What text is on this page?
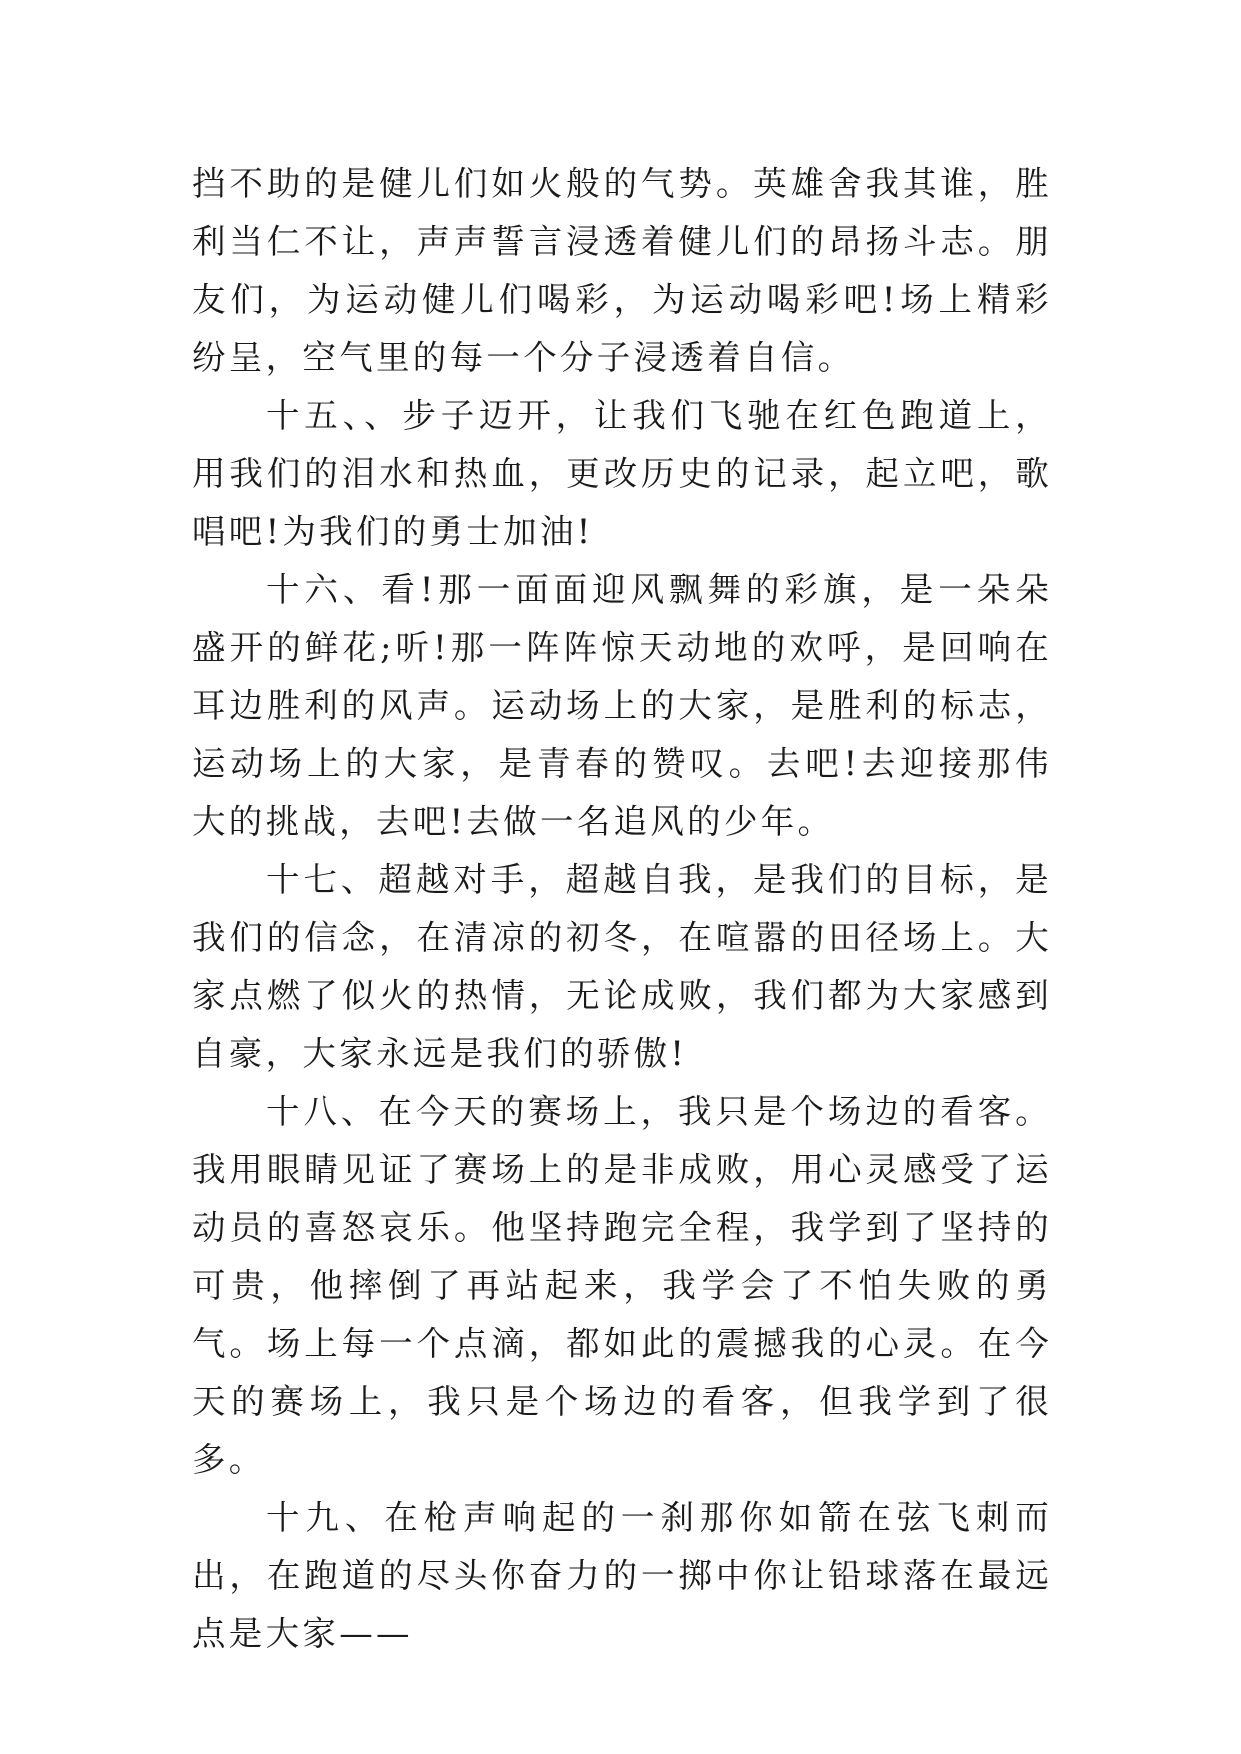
挡不助的是健儿们如火般的气势。英雄舍我其谁，胜利当仁不让，声声誓言浸透着健儿们的昂扬斗志。朋友们，为运动健儿们喝彩，为运动喝彩吧!场上精彩纷呈，空气里的每一个分子浸透着自信。

十五、、步子迈开，让我们飞驰在红色跑道上，用我们的泪水和热血，更改历史的记录，起立吧，歌唱吧!为我们的勇士加油!

十六、看!那一面面迎风飘舞的彩旗，是一朵朵盛开的鲜花;听!那一阵阵惊天动地的欢呼，是回响在耳边胜利的风声。运动场上的大家，是胜利的标志，运动场上的大家，是青春的赞叹。去吧!去迎接那伟大的挑战，去吧!去做一名追风的少年。

十七、超越对手，超越自我，是我们的目标，是我们的信念，在清凉的初冬，在喧嚣的田径场上。大家点燃了似火的热情，无论成败，我们都为大家感到自豪，大家永远是我们的骄傲!

十八、在今天的赛场上，我只是个场边的看客。我用眼睛见证了赛场上的是非成败，用心灵感受了运动员的喜怒哀乐。他坚持跑完全程，我学到了坚持的可贵，他摔倒了再站起来，我学会了不怕失败的勇气。场上每一个点滴，都如此的震撼我的心灵。在今天的赛场上，我只是个场边的看客，但我学到了很多。

十九、在枪声响起的一刹那你如箭在弦飞刺而出，在跑道的尽头你奋力的一掷中你让铅球落在最远点是大家——
